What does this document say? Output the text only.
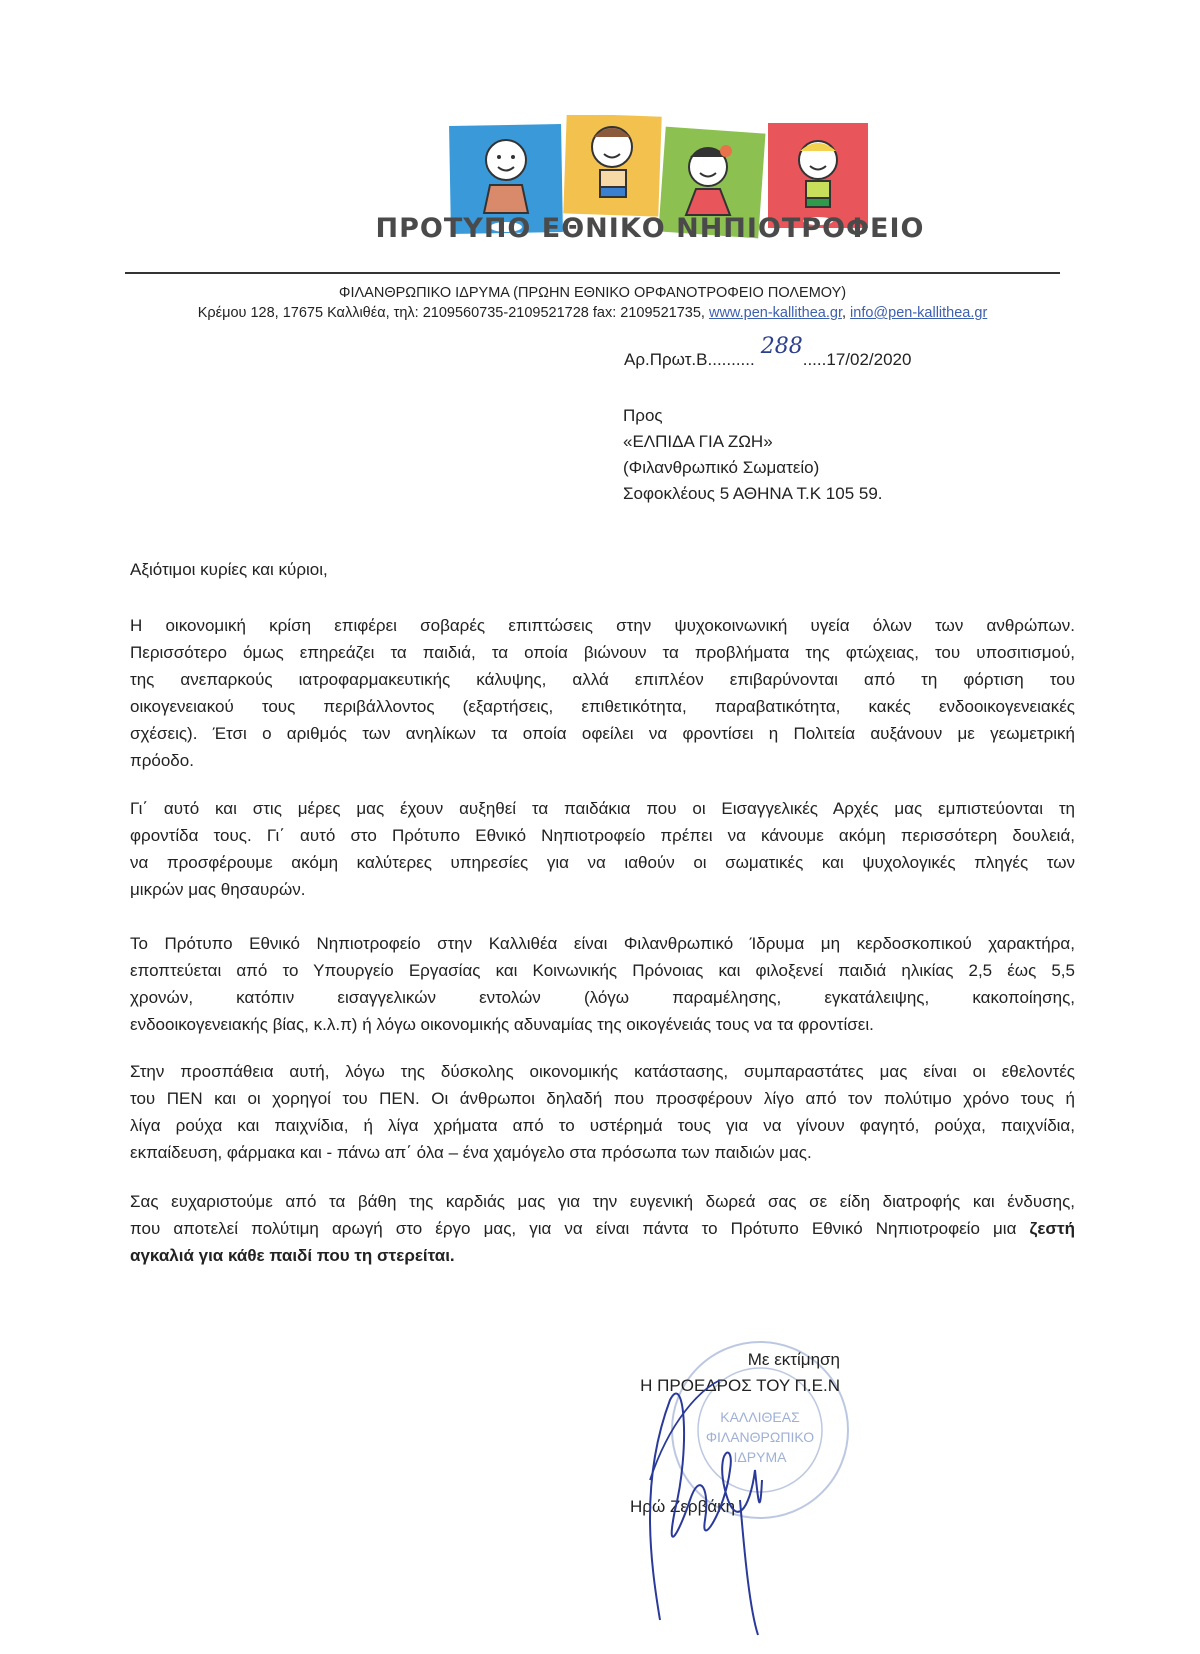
ΠΡΟΤΥΠΟ ΕΘΝΙΚΟ ΝΗΠΙΟΤΡΟΦΕΙΟ
ΦΙΛΑΝΘΡΩΠΙΚΟ ΙΔΡΥΜΑ (ΠΡΩΗΝ ΕΘΝΙΚΟ ΟΡΦΑΝΟΤΡΟΦΕΙΟ ΠΟΛΕΜΟΥ)
Κρέμου 128, 17675 Καλλιθέα, τηλ: 2109560735-2109521728 fax: 2109521735, www.pen-kallithea.gr, info@pen-kallithea.gr
Αρ.Πρωτ.Β..........
288
.....17/02/2020
Προς
«ΕΛΠΙΔΑ ΓΙΑ ΖΩΗ»
(Φιλανθρωπικό Σωματείο)
Σοφοκλέους 5 ΑΘΗΝΑ Τ.Κ 105 59.
Αξιότιμοι κυρίες και κύριοι,
Η οικονομική κρίση επιφέρει σοβαρές επιπτώσεις στην ψυχοκοινωνική υγεία όλων των ανθρώπων.
Περισσότερο όμως επηρεάζει τα παιδιά, τα οποία βιώνουν τα προβλήματα της φτώχειας, του υποσιτισμού,
της ανεπαρκούς ιατροφαρμακευτικής κάλυψης, αλλά επιπλέον επιβαρύνονται από τη φόρτιση του
οικογενειακού τους περιβάλλοντος (εξαρτήσεις, επιθετικότητα, παραβατικότητα, κακές ενδοοικογενειακές
σχέσεις). Έτσι ο αριθμός των ανηλίκων τα οποία οφείλει να φροντίσει η Πολιτεία αυξάνουν με γεωμετρική
πρόοδο.
Γι΄ αυτό και στις μέρες μας έχουν αυξηθεί τα παιδάκια που οι Εισαγγελικές Αρχές μας εμπιστεύονται τη
φροντίδα τους. Γι΄ αυτό στο Πρότυπο Εθνικό Νηπιοτροφείο πρέπει να κάνουμε ακόμη περισσότερη δουλειά,
να προσφέρουμε ακόμη καλύτερες υπηρεσίες για να ιαθούν οι σωματικές και ψυχολογικές πληγές των
μικρών μας θησαυρών.
Το Πρότυπο Εθνικό Νηπιοτροφείο στην Καλλιθέα είναι Φιλανθρωπικό Ίδρυμα μη κερδοσκοπικού χαρακτήρα,
εποπτεύεται από το Υπουργείο Εργασίας και Κοινωνικής Πρόνοιας και φιλοξενεί παιδιά ηλικίας 2,5 έως 5,5
χρονών, κατόπιν εισαγγελικών εντολών (λόγω παραμέλησης, εγκατάλειψης, κακοποίησης,
ενδοοικογενειακής βίας, κ.λ.π) ή λόγω οικονομικής αδυναμίας της οικογένειάς τους να τα φροντίσει.
Στην προσπάθεια αυτή, λόγω της δύσκολης οικονομικής κατάστασης, συμπαραστάτες μας είναι οι εθελοντές
του ΠΕΝ και οι χορηγοί του ΠΕΝ. Οι άνθρωποι δηλαδή που προσφέρουν λίγο από τον πολύτιμο χρόνο τους ή
λίγα ρούχα και παιχνίδια, ή λίγα χρήματα από το υστέρημά τους για να γίνουν φαγητό, ρούχα, παιχνίδια,
εκπαίδευση, φάρμακα και - πάνω απ΄ όλα – ένα χαμόγελο στα πρόσωπα των παιδιών μας.
Σας ευχαριστούμε από τα βάθη της καρδιάς μας για την ευγενική δωρεά σας σε είδη διατροφής και ένδυσης,
που αποτελεί πολύτιμη αρωγή στο έργο μας, για να είναι πάντα το Πρότυπο Εθνικό Νηπιοτροφείο μια ζεστή
αγκαλιά για κάθε παιδί που τη στερείται.
ΚΑΛΛΙΘΕΑΣ
ΦΙΛΑΝΘΡΩΠΙΚΟ
ΙΔΡΥΜΑ
Με εκτίμηση
Η ΠΡΟΕΔΡΟΣ ΤΟΥ Π.Ε.Ν
Ηρώ Ζερβάκη
